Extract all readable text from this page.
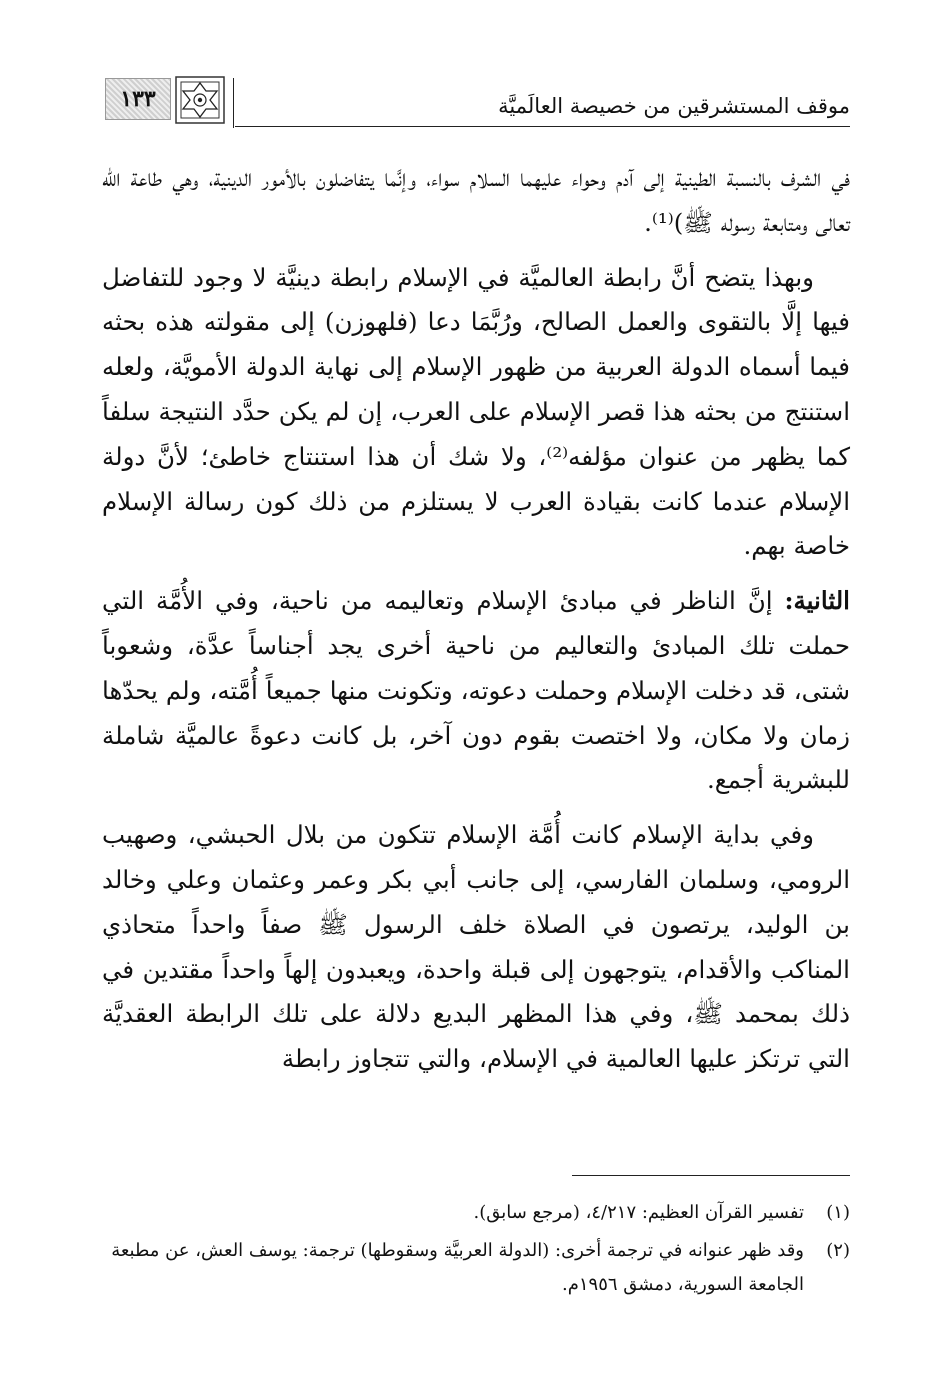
١٣٣	موقف المستشرقين من خصيصة العالَميَّة

في الشرف بالنسبة الطينية إلى آدم وحواء عليهما السلام سواء، وإنَّما يتفاضلون بالأمور الدينية، وهي طاعة الله تعالى ومتابعة رسوله ﷺ)⁽¹⁾.

وبهذا يتضح أنَّ رابطة العالميَّة في الإسلام رابطة دينيَّة لا وجود للتفاضل فيها إلَّا بالتقوى والعمل الصالح، ورُبَّمَا دعا (فلهوزن) إلى مقولته هذه بحثه فيما أسماه الدولة العربية من ظهور الإسلام إلى نهاية الدولة الأمويَّة، ولعله استنتج من بحثه هذا قصر الإسلام على العرب، إن لم يكن حدَّد النتيجة سلفاً كما يظهر من عنوان مؤلفه⁽²⁾، ولا شك أن هذا استنتاج خاطئ؛ لأنَّ دولة الإسلام عندما كانت بقيادة العرب لا يستلزم من ذلك كون رسالة الإسلام خاصة بهم.

الثانية: إنَّ الناظر في مبادئ الإسلام وتعاليمه من ناحية، وفي الأُمَّة التي حملت تلك المبادئ والتعاليم من ناحية أخرى يجد أجناساً عدَّة، وشعوباً شتى، قد دخلت الإسلام وحملت دعوته، وتكونت منها جميعاً أُمَّته، ولم يحدّها زمان ولا مكان، ولا اختصت بقوم دون آخر، بل كانت دعوةً عالميَّة شاملة للبشرية أجمع.

وفي بداية الإسلام كانت أُمَّة الإسلام تتكون من بلال الحبشي، وصهيب الرومي، وسلمان الفارسي، إلى جانب أبي بكر وعمر وعثمان وعلي وخالد بن الوليد، يرتصون في الصلاة خلف الرسول ﷺ صفاً واحداً متحاذي المناكب والأقدام، يتوجهون إلى قبلة واحدة، ويعبدون إلهاً واحداً مقتدين في ذلك بمحمد ﷺ، وفي هذا المظهر البديع دلالة على تلك الرابطة العقديَّة التي ترتكز عليها العالمية في الإسلام، والتي تتجاوز رابطة

(١)
تفسير القرآن العظيم: ٤/٢١٧، (مرجع سابق).
(٢)
وقد ظهر عنوانه في ترجمة أخرى: (الدولة العربيَّة وسقوطها) ترجمة: يوسف العش، عن مطبعة الجامعة السورية، دمشق ١٩٥٦م.
